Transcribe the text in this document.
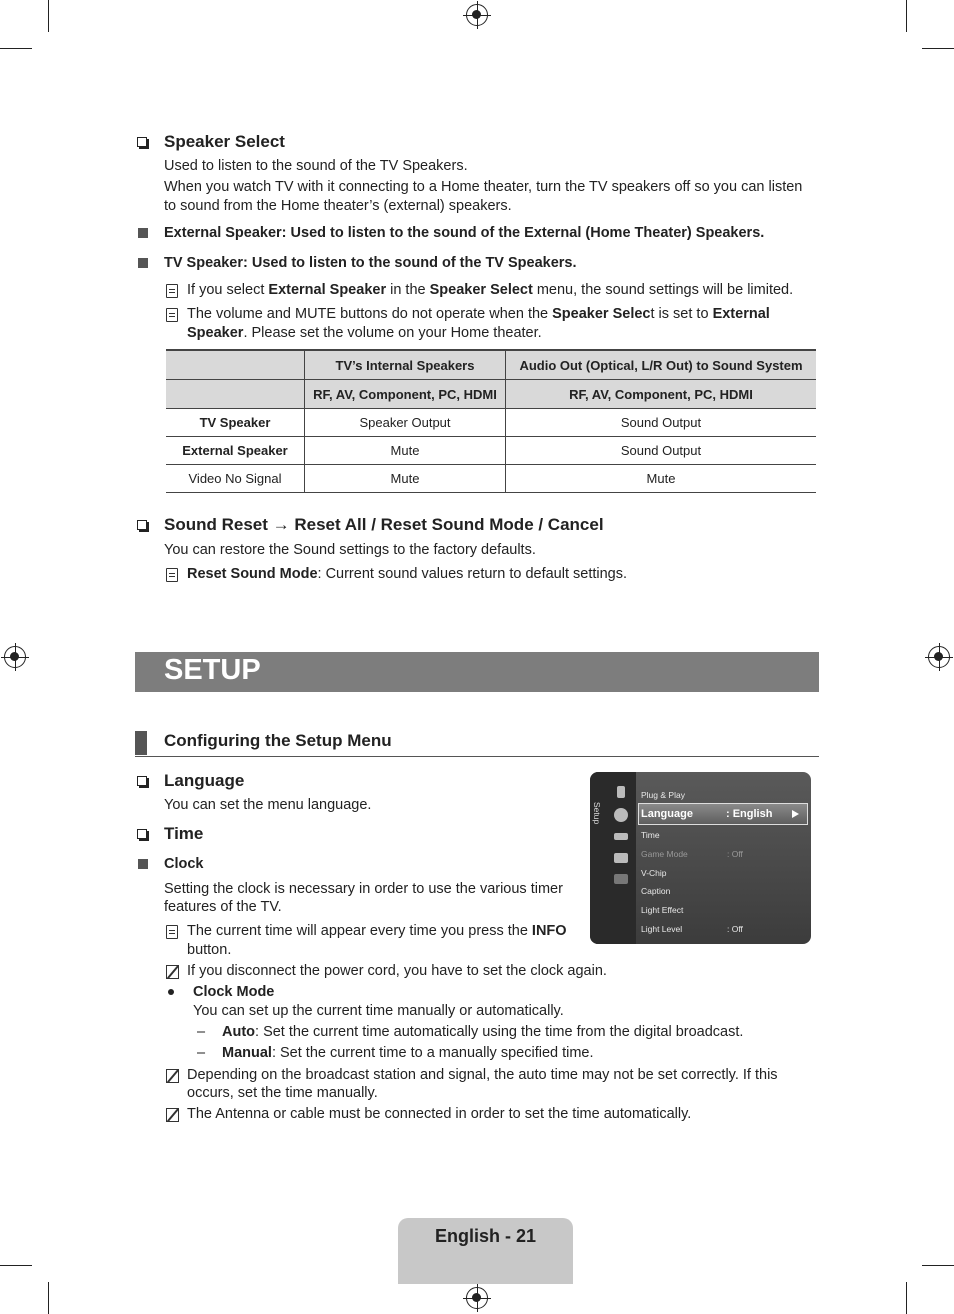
Speaker Select
Used to listen to the sound of the TV Speakers.
When you watch TV with it connecting to a Home theater, turn the TV speakers off so you can listen
to sound from the Home theater’s (external) speakers.
External Speaker: Used to listen to the sound of the External (Home Theater) Speakers.
TV Speaker: Used to listen to the sound of the TV Speakers.
If you select External Speaker in the Speaker Select menu, the sound settings will be limited.
The volume and MUTE buttons do not operate when the Speaker Select is set to External
Speaker. Please set the volume on your Home theater.
	TV’s Internal Speakers	Audio Out (Optical, L/R Out) to Sound System
	RF, AV, Component, PC, HDMI	RF, AV, Component, PC, HDMI
TV Speaker	Speaker Output	Sound Output
External Speaker	Mute	Sound Output
Video No Signal	Mute	Mute
Sound Reset → Reset All / Reset Sound Mode / Cancel
You can restore the Sound settings to the factory defaults.
Reset Sound Mode: Current sound values return to default settings.
SETUP
Configuring the Setup Menu
Language
You can set the menu language.
Time
Clock
Setting the clock is necessary in order to use the various timer
features of the TV.
The current time will appear every time you press the INFO
button.
If you disconnect the power cord, you have to set the clock again.
Clock Mode
You can set up the current time manually or automatically.
– Auto: Set the current time automatically using the time from the digital broadcast.
– Manual: Set the current time to a manually specified time.
Depending on the broadcast station and signal, the auto time may not be set correctly. If this
occurs, set the time manually.
The Antenna or cable must be connected in order to set the time automatically.
Setup
Plug & Play
Language	: English
Time
Game Mode	: Off
V-Chip
Caption
Light Effect
Light Level	: Off
English - 21
